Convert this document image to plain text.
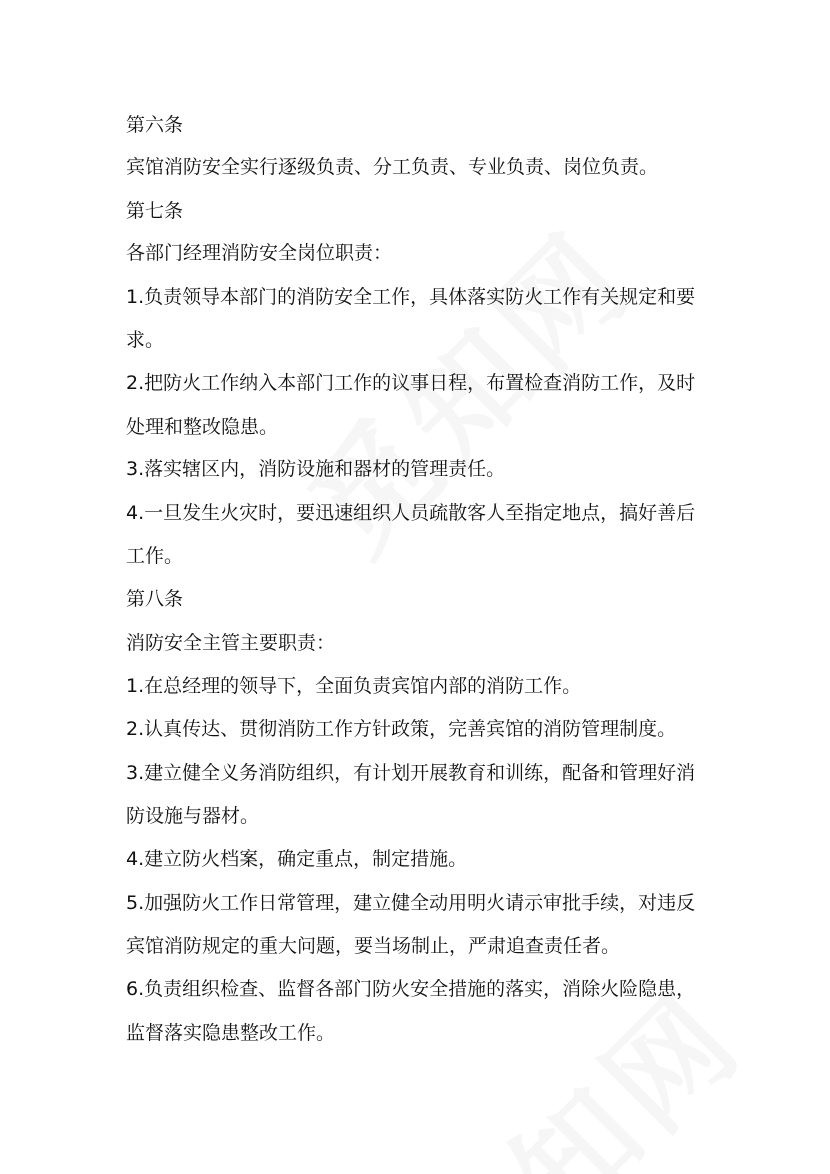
第六条
宾馆消防安全实行逐级负责、分工负责、专业负责、岗位负责。
第七条
各部门经理消防安全岗位职责：
1.负责领导本部门的消防安全工作，具体落实防火工作有关规定和要
求。
2.把防火工作纳入本部门工作的议事日程，布置检查消防工作，及时
处理和整改隐患。
3.落实辖区内，消防设施和器材的管理责任。
4.一旦发生火灾时，要迅速组织人员疏散客人至指定地点，搞好善后
工作。
第八条
消防安全主管主要职责：
1.在总经理的领导下，全面负责宾馆内部的消防工作。
2.认真传达、贯彻消防工作方针政策，完善宾馆的消防管理制度。
3.建立健全义务消防组织，有计划开展教育和训练，配备和管理好消
防设施与器材。
4.建立防火档案，确定重点，制定措施。
5.加强防火工作日常管理，建立健全动用明火请示审批手续，对违反
宾馆消防规定的重大问题，要当场制止，严肃追查责任者。
6.负责组织检查、监督各部门防火安全措施的落实，消除火险隐患，
监督落实隐患整改工作。
